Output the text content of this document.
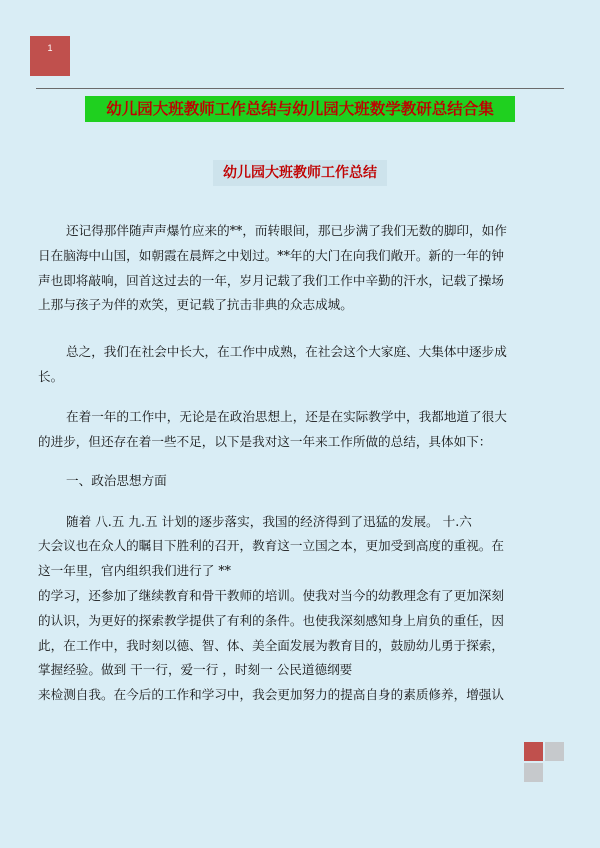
1
幼儿园大班教师工作总结与幼儿园大班数学教研总结合集
幼儿园大班教师工作总结

还记得那伴随声声爆竹应来的**，而转眼间，那已步满了我们无数的脚印，如作

日在脑海中山国，如朝霞在晨辉之中划过。**年的大门在向我们敞开。新的一年的钟

声也即将敲响，回首这过去的一年，岁月记载了我们工作中辛勤的汗水，记载了操场

上那与孩子为伴的欢笑，更记载了抗击非典的众志成城。

总之，我们在社会中长大，在工作中成熟，在社会这个大家庭、大集体中逐步成

长。

在着一年的工作中，无论是在政治思想上，还是在实际教学中，我都地道了很大

的进步，但还存在着一些不足，以下是我对这一年来工作所做的总结，具体如下：

一、政治思想方面

随着 八.五 九.五 计划的逐步落实，我国的经济得到了迅猛的发展。 十.六

大会议也在众人的瞩目下胜利的召开，教育这一立国之本，更加受到高度的重视。在

这一年里，官内组织我们进行了 **

的学习，还参加了继续教育和骨干教师的培训。使我对当今的幼教理念有了更加深刻

的认识，为更好的探索教学提供了有利的条件。也使我深刻感知身上肩负的重任，因

此，在工作中，我时刻以德、智、体、美全面发展为教育目的，鼓励幼儿勇于探索，

掌握经验。做到 干一行，爱一行 ，时刻一 公民道德纲要

来检测自我。在今后的工作和学习中，我会更加努力的提高自身的素质修养，增强认
